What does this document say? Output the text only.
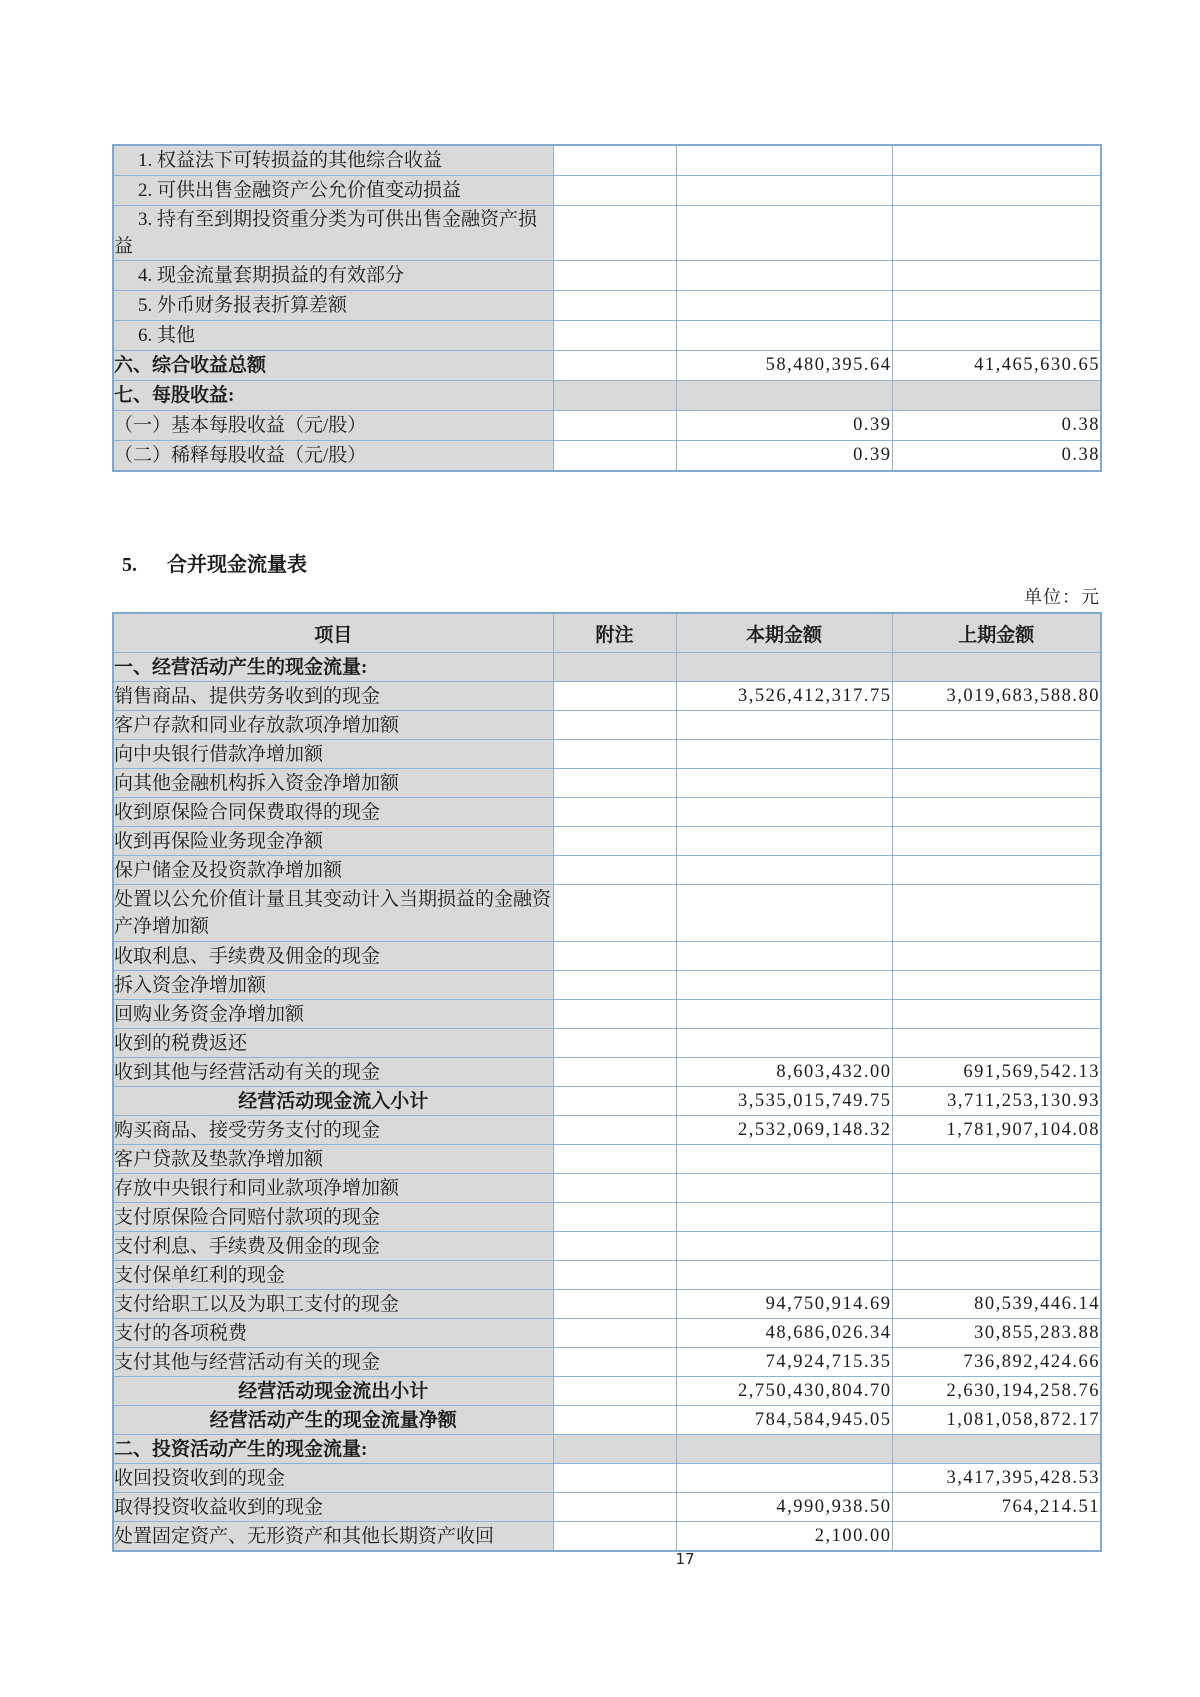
1. 权益法下可转损益的其他综合收益			
2. 可供出售金融资产公允价值变动损益			
3. 持有至到期投资重分类为可供出售金融资产损益			
4. 现金流量套期损益的有效部分			
5. 外币财务报表折算差额			
6. 其他			
六、综合收益总额		58,480,395.64	41,465,630.65
七、每股收益:			
（一）基本每股收益（元/股）		0.39	0.38
（二）稀释每股收益（元/股）		0.39	0.38
5. 合并现金流量表
单位：元
项目	附注	本期金额	上期金额
一、经营活动产生的现金流量:			
销售商品、提供劳务收到的现金		3,526,412,317.75	3,019,683,588.80
客户存款和同业存放款项净增加额			
向中央银行借款净增加额			
向其他金融机构拆入资金净增加额			
收到原保险合同保费取得的现金			
收到再保险业务现金净额			
保户储金及投资款净增加额			
处置以公允价值计量且其变动计入当期损益的金融资产净增加额			
收取利息、手续费及佣金的现金			
拆入资金净增加额			
回购业务资金净增加额			
收到的税费返还			
收到其他与经营活动有关的现金		8,603,432.00	691,569,542.13
经营活动现金流入小计		3,535,015,749.75	3,711,253,130.93
购买商品、接受劳务支付的现金		2,532,069,148.32	1,781,907,104.08
客户贷款及垫款净增加额			
存放中央银行和同业款项净增加额			
支付原保险合同赔付款项的现金			
支付利息、手续费及佣金的现金			
支付保单红利的现金			
支付给职工以及为职工支付的现金		94,750,914.69	80,539,446.14
支付的各项税费		48,686,026.34	30,855,283.88
支付其他与经营活动有关的现金		74,924,715.35	736,892,424.66
经营活动现金流出小计		2,750,430,804.70	2,630,194,258.76
经营活动产生的现金流量净额		784,584,945.05	1,081,058,872.17
二、投资活动产生的现金流量:			
收回投资收到的现金			3,417,395,428.53
取得投资收益收到的现金		4,990,938.50	764,214.51
处置固定资产、无形资产和其他长期资产收回		2,100.00	
17
